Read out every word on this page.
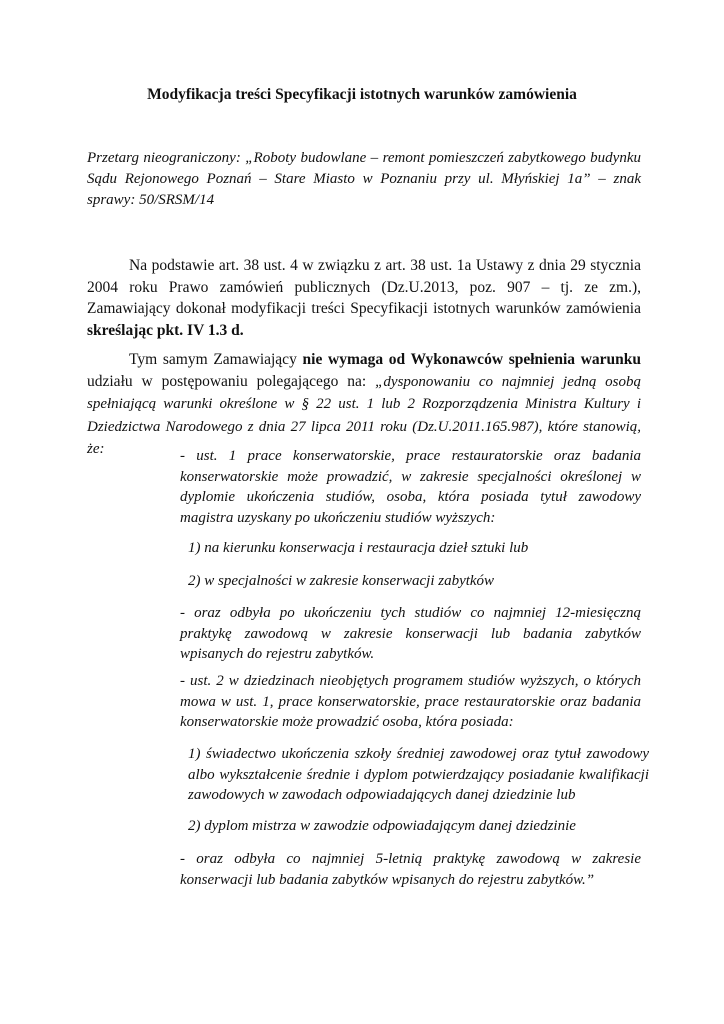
Modyfikacja treści Specyfikacji istotnych warunków zamówienia
Przetarg nieograniczony: „Roboty budowlane – remont pomieszczeń zabytkowego budynku Sądu Rejonowego Poznań – Stare Miasto w Poznaniu przy ul. Młyńskiej 1a” – znak sprawy: 50/SRSM/14
Na podstawie art. 38 ust. 4 w związku z art. 38 ust. 1a Ustawy z dnia 29 stycznia 2004 roku Prawo zamówień publicznych (Dz.U.2013, poz. 907 – tj. ze zm.), Zamawiający dokonał modyfikacji treści Specyfikacji istotnych warunków zamówienia skreślając pkt. IV 1.3 d.
Tym samym Zamawiający nie wymaga od Wykonawców spełnienia warunku udziału w postępowaniu polegającego na: „dysponowaniu co najmniej jedną osobą spełniającą warunki określone w § 22 ust. 1 lub 2 Rozporządzenia Ministra Kultury i Dziedzictwa Narodowego z dnia 27 lipca 2011 roku (Dz.U.2011.165.987), które stanowią, że:	- ust. 1 prace konserwatorskie, prace restauratorskie oraz badania konserwatorskie może prowadzić, w zakresie specjalności określonej w dyplomie ukończenia studiów, osoba, która posiada tytuł zawodowy magistra uzyskany po ukończeniu studiów wyższych:
1) na kierunku konserwacja i restauracja dzieł sztuki lub
2) w specjalności w zakresie konserwacji zabytków
- oraz odbyła po ukończeniu tych studiów co najmniej 12-miesięczną praktykę zawodową w zakresie konserwacji lub badania zabytków wpisanych do rejestru zabytków.
- ust. 2 w dziedzinach nieobjętych programem studiów wyższych, o których mowa w ust. 1, prace konserwatorskie, prace restauratorskie oraz badania konserwatorskie może prowadzić osoba, która posiada:
1) świadectwo ukończenia szkoły średniej zawodowej oraz tytuł zawodowy albo wykształcenie średnie i dyplom potwierdzający posiadanie kwalifikacji zawodowych w zawodach odpowiadających danej dziedzinie lub
2) dyplom mistrza w zawodzie odpowiadającym danej dziedzinie
- oraz odbyła co najmniej 5-letnią praktykę zawodową w zakresie konserwacji lub badania zabytków wpisanych do rejestru zabytków.”
